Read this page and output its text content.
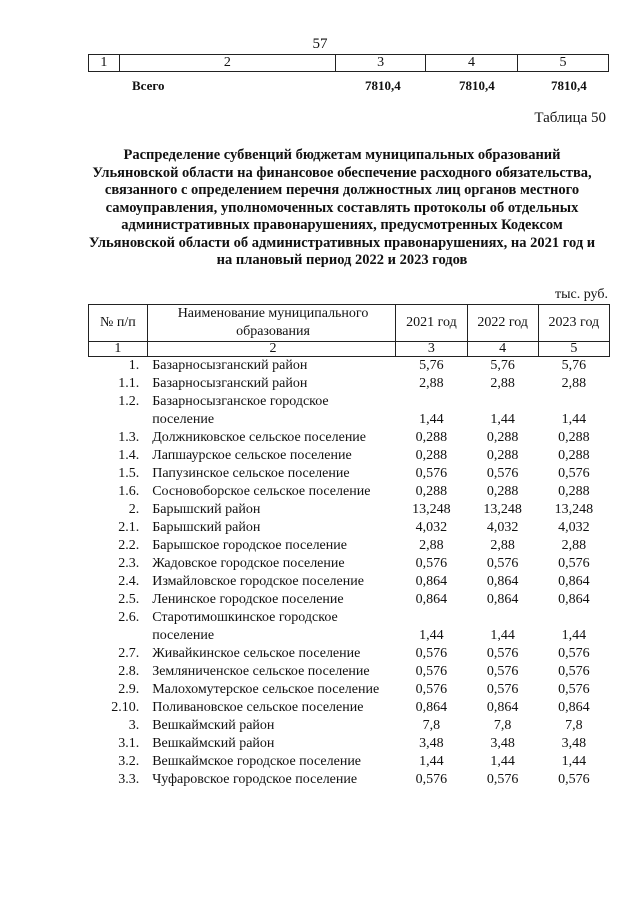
57
1	2	3	4	5
Всего	7810,4	7810,4	7810,4
Таблица 50
Распределение субвенций бюджетам муниципальных образований Ульяновской области на финансовое обеспечение расходного обязательства, связанного с определением перечня должностных лиц органов местного самоуправления, уполномоченных составлять протоколы об отдельных административных правонарушениях, предусмотренных Кодексом Ульяновской области об административных правонарушениях, на 2021 год и на плановый период 2022 и 2023 годов
тыс. руб.
№ п/п	Наименование муниципального образования	2021 год	2022 год	2023 год
1	2	3	4	5
1.	Базарносызганский район	5,76	5,76	5,76
1.1.	Базарносызганский район	2,88	2,88	2,88
1.2.	Базарносызганское городское поселение	1,44	1,44	1,44
1.3.	Должниковское сельское поселение	0,288	0,288	0,288
1.4.	Лапшаурское сельское поселение	0,288	0,288	0,288
1.5.	Папузинское сельское поселение	0,576	0,576	0,576
1.6.	Сосновоборское сельское поселение	0,288	0,288	0,288
2.	Барышский район	13,248	13,248	13,248
2.1.	Барышский район	4,032	4,032	4,032
2.2.	Барышское городское поселение	2,88	2,88	2,88
2.3.	Жадовское городское поселение	0,576	0,576	0,576
2.4.	Измайловское городское поселение	0,864	0,864	0,864
2.5.	Ленинское городское поселение	0,864	0,864	0,864
2.6.	Старотимошкинское городское поселение	1,44	1,44	1,44
2.7.	Живайкинское сельское поселение	0,576	0,576	0,576
2.8.	Земляниченское сельское поселение	0,576	0,576	0,576
2.9.	Малохомутерское сельское поселение	0,576	0,576	0,576
2.10.	Поливановское сельское поселение	0,864	0,864	0,864
3.	Вешкаймский район	7,8	7,8	7,8
3.1.	Вешкаймский район	3,48	3,48	3,48
3.2.	Вешкаймское городское поселение	1,44	1,44	1,44
3.3.	Чуфаровское городское поселение	0,576	0,576	0,576
